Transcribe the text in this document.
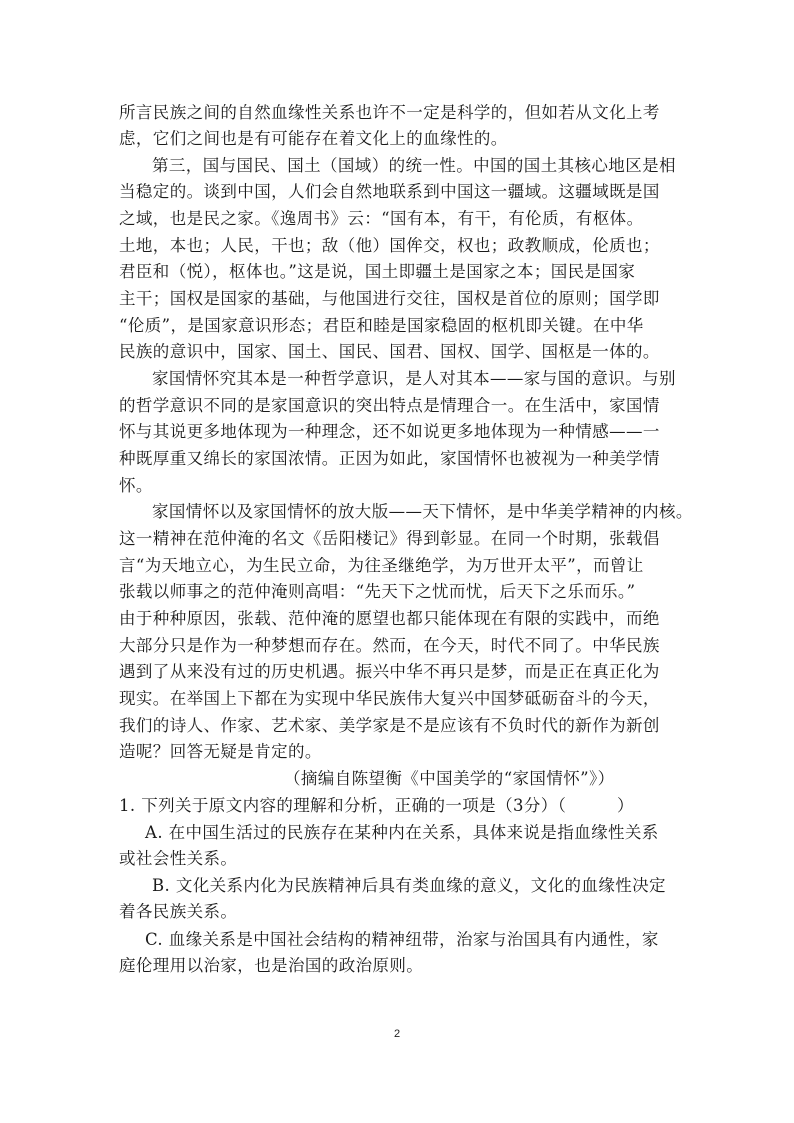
所言民族之间的自然血缘性关系也许不一定是科学的，但如若从文化上考
虑，它们之间也是有可能存在着文化上的血缘性的。
第三，国与国民、国土（国域）的统一性。中国的国土其核心地区是相
当稳定的。谈到中国，人们会自然地联系到中国这一疆域。这疆域既是国
之域，也是民之家。《逸周书》云：“国有本，有干，有伦质，有枢体。
土地，本也；人民，干也；敌（他）国侔交，权也；政教顺成，伦质也；
君臣和（悦），枢体也。”这是说，国土即疆土是国家之本；国民是国家
主干；国权是国家的基础，与他国进行交往，国权是首位的原则；国学即
“伦质”，是国家意识形态；君臣和睦是国家稳固的枢机即关键。在中华
民族的意识中，国家、国土、国民、国君、国权、国学、国枢是一体的。
家国情怀究其本是一种哲学意识，是人对其本——家与国的意识。与别
的哲学意识不同的是家国意识的突出特点是情理合一。在生活中，家国情
怀与其说更多地体现为一种理念，还不如说更多地体现为一种情感——一
种既厚重又绵长的家国浓情。正因为如此，家国情怀也被视为一种美学情
怀。
家国情怀以及家国情怀的放大版——天下情怀，是中华美学精神的内核。
这一精神在范仲淹的名文《岳阳楼记》得到彰显。在同一个时期，张载倡
言“为天地立心，为生民立命，为往圣继绝学，为万世开太平”，而曾让
张载以师事之的范仲淹则高唱：“先天下之忧而忧，后天下之乐而乐。”
由于种种原因，张载、范仲淹的愿望也都只能体现在有限的实践中，而绝
大部分只是作为一种梦想而存在。然而，在今天，时代不同了。中华民族
遇到了从来没有过的历史机遇。振兴中华不再只是梦，而是正在真正化为
现实。在举国上下都在为实现中华民族伟大复兴中国梦砥砺奋斗的今天，
我们的诗人、作家、艺术家、美学家是不是应该有不负时代的新作为新创
造呢？回答无疑是肯定的。
（摘编自陈望衡《中国美学的“家国情怀”》）
1. 下列关于原文内容的理解和分析，正确的一项是（3分）（　　　）
A. 在中国生活过的民族存在某种内在关系，具体来说是指血缘性关系
或社会性关系。
B. 文化关系内化为民族精神后具有类血缘的意义，文化的血缘性决定
着各民族关系。
C. 血缘关系是中国社会结构的精神纽带，治家与治国具有内通性，家
庭伦理用以治家，也是治国的政治原则。
2
